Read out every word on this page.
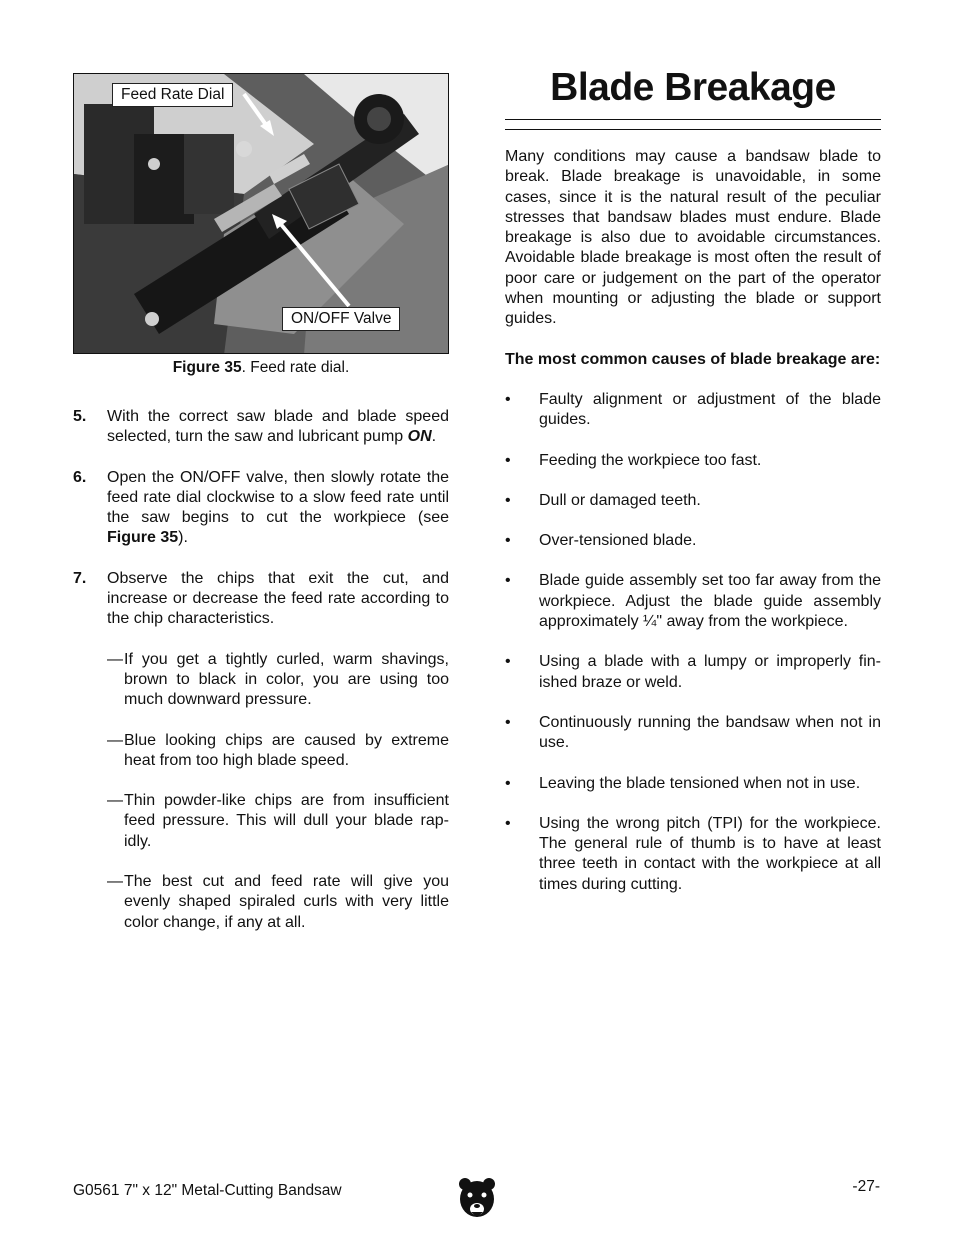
Feed Rate Dial
ON/OFF Valve
Figure 35. Feed rate dial.
5.	With the correct saw blade and blade speed selected, turn the saw and lubricant pump ON.
6.	Open the ON/OFF valve, then slowly rotate the feed rate dial clockwise to a slow feed rate until the saw begins to cut the workpiece (see Figure 35).
7.	Observe the chips that exit the cut, and increase or decrease the feed rate according to the chip characteristics.
— If you get a tightly curled, warm shavings, brown to black in color, you are using too much downward pressure.
— Blue looking chips are caused by extreme heat from too high blade speed.
— Thin powder-like chips are from insufficient feed pressure. This will dull your blade rap-idly.
— The best cut and feed rate will give you evenly shaped spiraled curls with very little color change, if any at all.
Blade Breakage
Many conditions may cause a bandsaw blade to break. Blade breakage is unavoidable, in some cases, since it is the natural result of the peculiar stresses that bandsaw blades must endure. Blade breakage is also due to avoidable circumstances. Avoidable blade breakage is most often the result of poor care or judgement on the part of the operator when mounting or adjusting the blade or support guides.
The most common causes of blade breakage are:
•	Faulty alignment or adjustment of the blade guides.
•	Feeding the workpiece too fast.
•	Dull or damaged teeth.
•	Over-tensioned blade.
•	Blade guide assembly set too far away from the workpiece. Adjust the blade guide assembly approximately ¼" away from the workpiece.
•	Using a blade with a lumpy or improperly fin-ished braze or weld.
•	Continuously running the bandsaw when not in use.
•	Leaving the blade tensioned when not in use.
•	Using the wrong pitch (TPI) for the workpiece. The general rule of thumb is to have at least three teeth in contact with the workpiece at all times during cutting.
G0561 7" x 12" Metal-Cutting Bandsaw	-27-
